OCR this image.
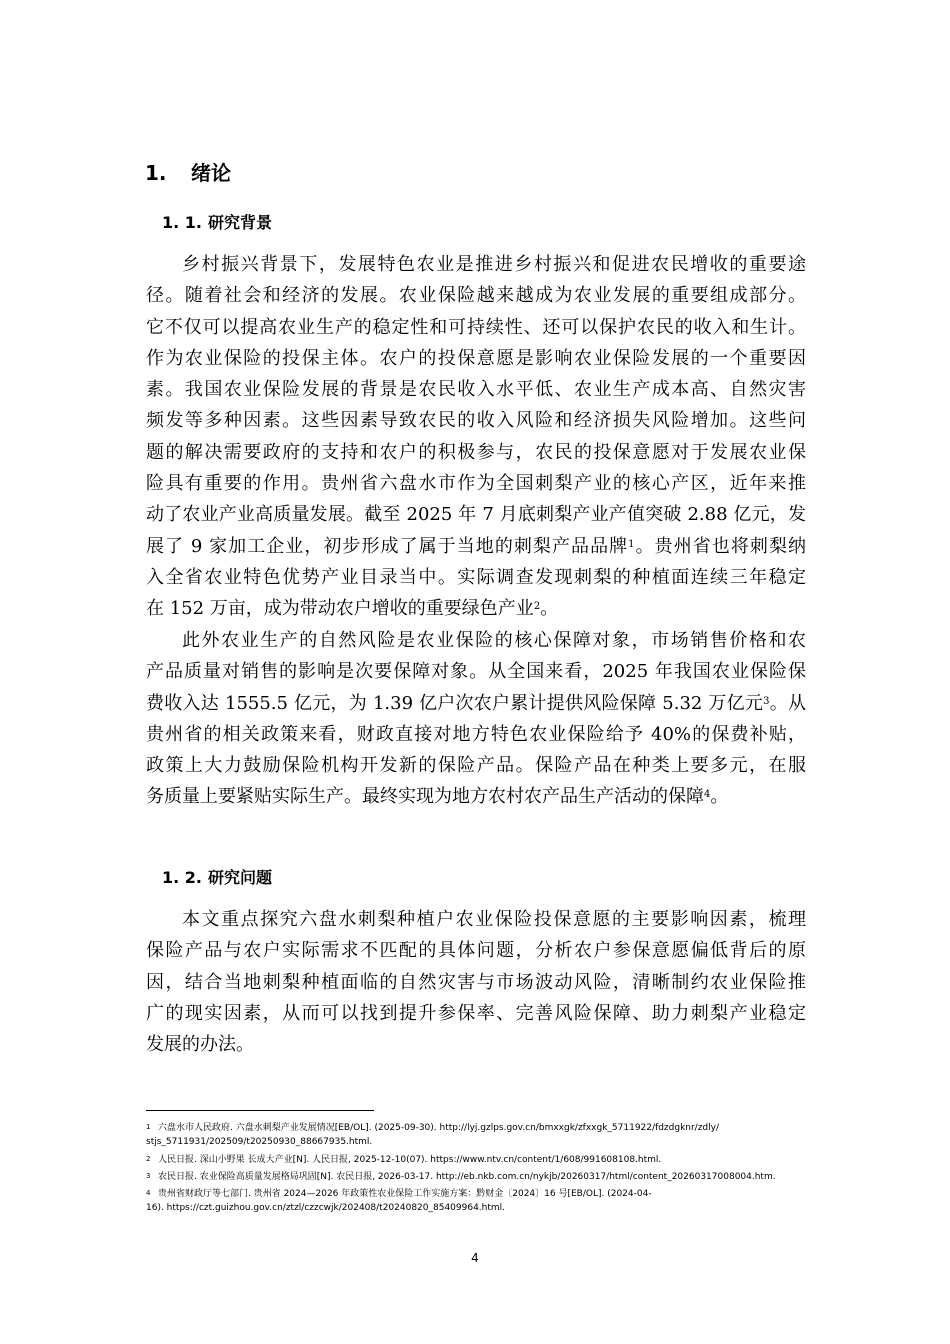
1. 绪论
1. 1. 研究背景
乡村振兴背景下，发展特色农业是推进乡村振兴和促进农民增收的重要途
径。随着社会和经济的发展。农业保险越来越成为农业发展的重要组成部分。
它不仅可以提高农业生产的稳定性和可持续性、还可以保护农民的收入和生计。
作为农业保险的投保主体。农户的投保意愿是影响农业保险发展的一个重要因
素。我国农业保险发展的背景是农民收入水平低、农业生产成本高、自然灾害
频发等多种因素。这些因素导致农民的收入风险和经济损失风险增加。这些问
题的解决需要政府的支持和农户的积极参与，农民的投保意愿对于发展农业保
险具有重要的作用。贵州省六盘水市作为全国刺梨产业的核心产区，近年来推
动了农业产业高质量发展。截至 2025 年 7 月底刺梨产业产值突破 2.88 亿元，发
展了 9 家加工企业，初步形成了属于当地的刺梨产品品牌$^1$。贵州省也将刺梨纳
入全省农业特色优势产业目录当中。实际调查发现刺梨的种植面连续三年稳定
在 152 万亩，成为带动农户增收的重要绿色产业$^2$。
此外农业生产的自然风险是农业保险的核心保障对象，市场销售价格和农
产品质量对销售的影响是次要保障对象。从全国来看，2025 年我国农业保险保
费收入达 1555.5 亿元，为 1.39 亿户次农户累计提供风险保障 5.32 万亿元$^3$。从
贵州省的相关政策来看，财政直接对地方特色农业保险给予 40%的保费补贴，
政策上大力鼓励保险机构开发新的保险产品。保险产品在种类上要多元，在服
务质量上要紧贴实际生产。最终实现为地方农村农产品生产活动的保障$^4$。
1. 2. 研究问题
本文重点探究六盘水刺梨种植户农业保险投保意愿的主要影响因素，梳理
保险产品与农户实际需求不匹配的具体问题，分析农户参保意愿偏低背后的原
因，结合当地刺梨种植面临的自然灾害与市场波动风险，清晰制约农业保险推
广的现实因素，从而可以找到提升参保率、完善风险保障、助力刺梨产业稳定
发展的办法。
1 六盘水市人民政府. 六盘水刺梨产业发展情况[EB/OL]. (2025-09-30). http://lyj.gzlps.gov.cn/bmxxgk/zfxxgk_5711922/fdzdgknr/zdly/
stjs_5711931/202509/t20250930_88667935.html.
2 人民日报. 深山小野果 长成大产业[N]. 人民日报, 2025-12-10(07). https://www.ntv.cn/content/1/608/991608108.html.
3 农民日报. 农业保险高质量发展格局巩固[N]. 农民日报, 2026-03-17. http://eb.nkb.com.cn/nykjb/20260317/html/content_20260317008004.htm.
4 贵州省财政厅等七部门. 贵州省 2024—2026 年政策性农业保险工作实施方案：黔财金〔2024〕16 号[EB/OL]. (2024-04-
16). https://czt.guizhou.gov.cn/ztzl/czzcwjk/202408/t20240820_85409964.html.
4
